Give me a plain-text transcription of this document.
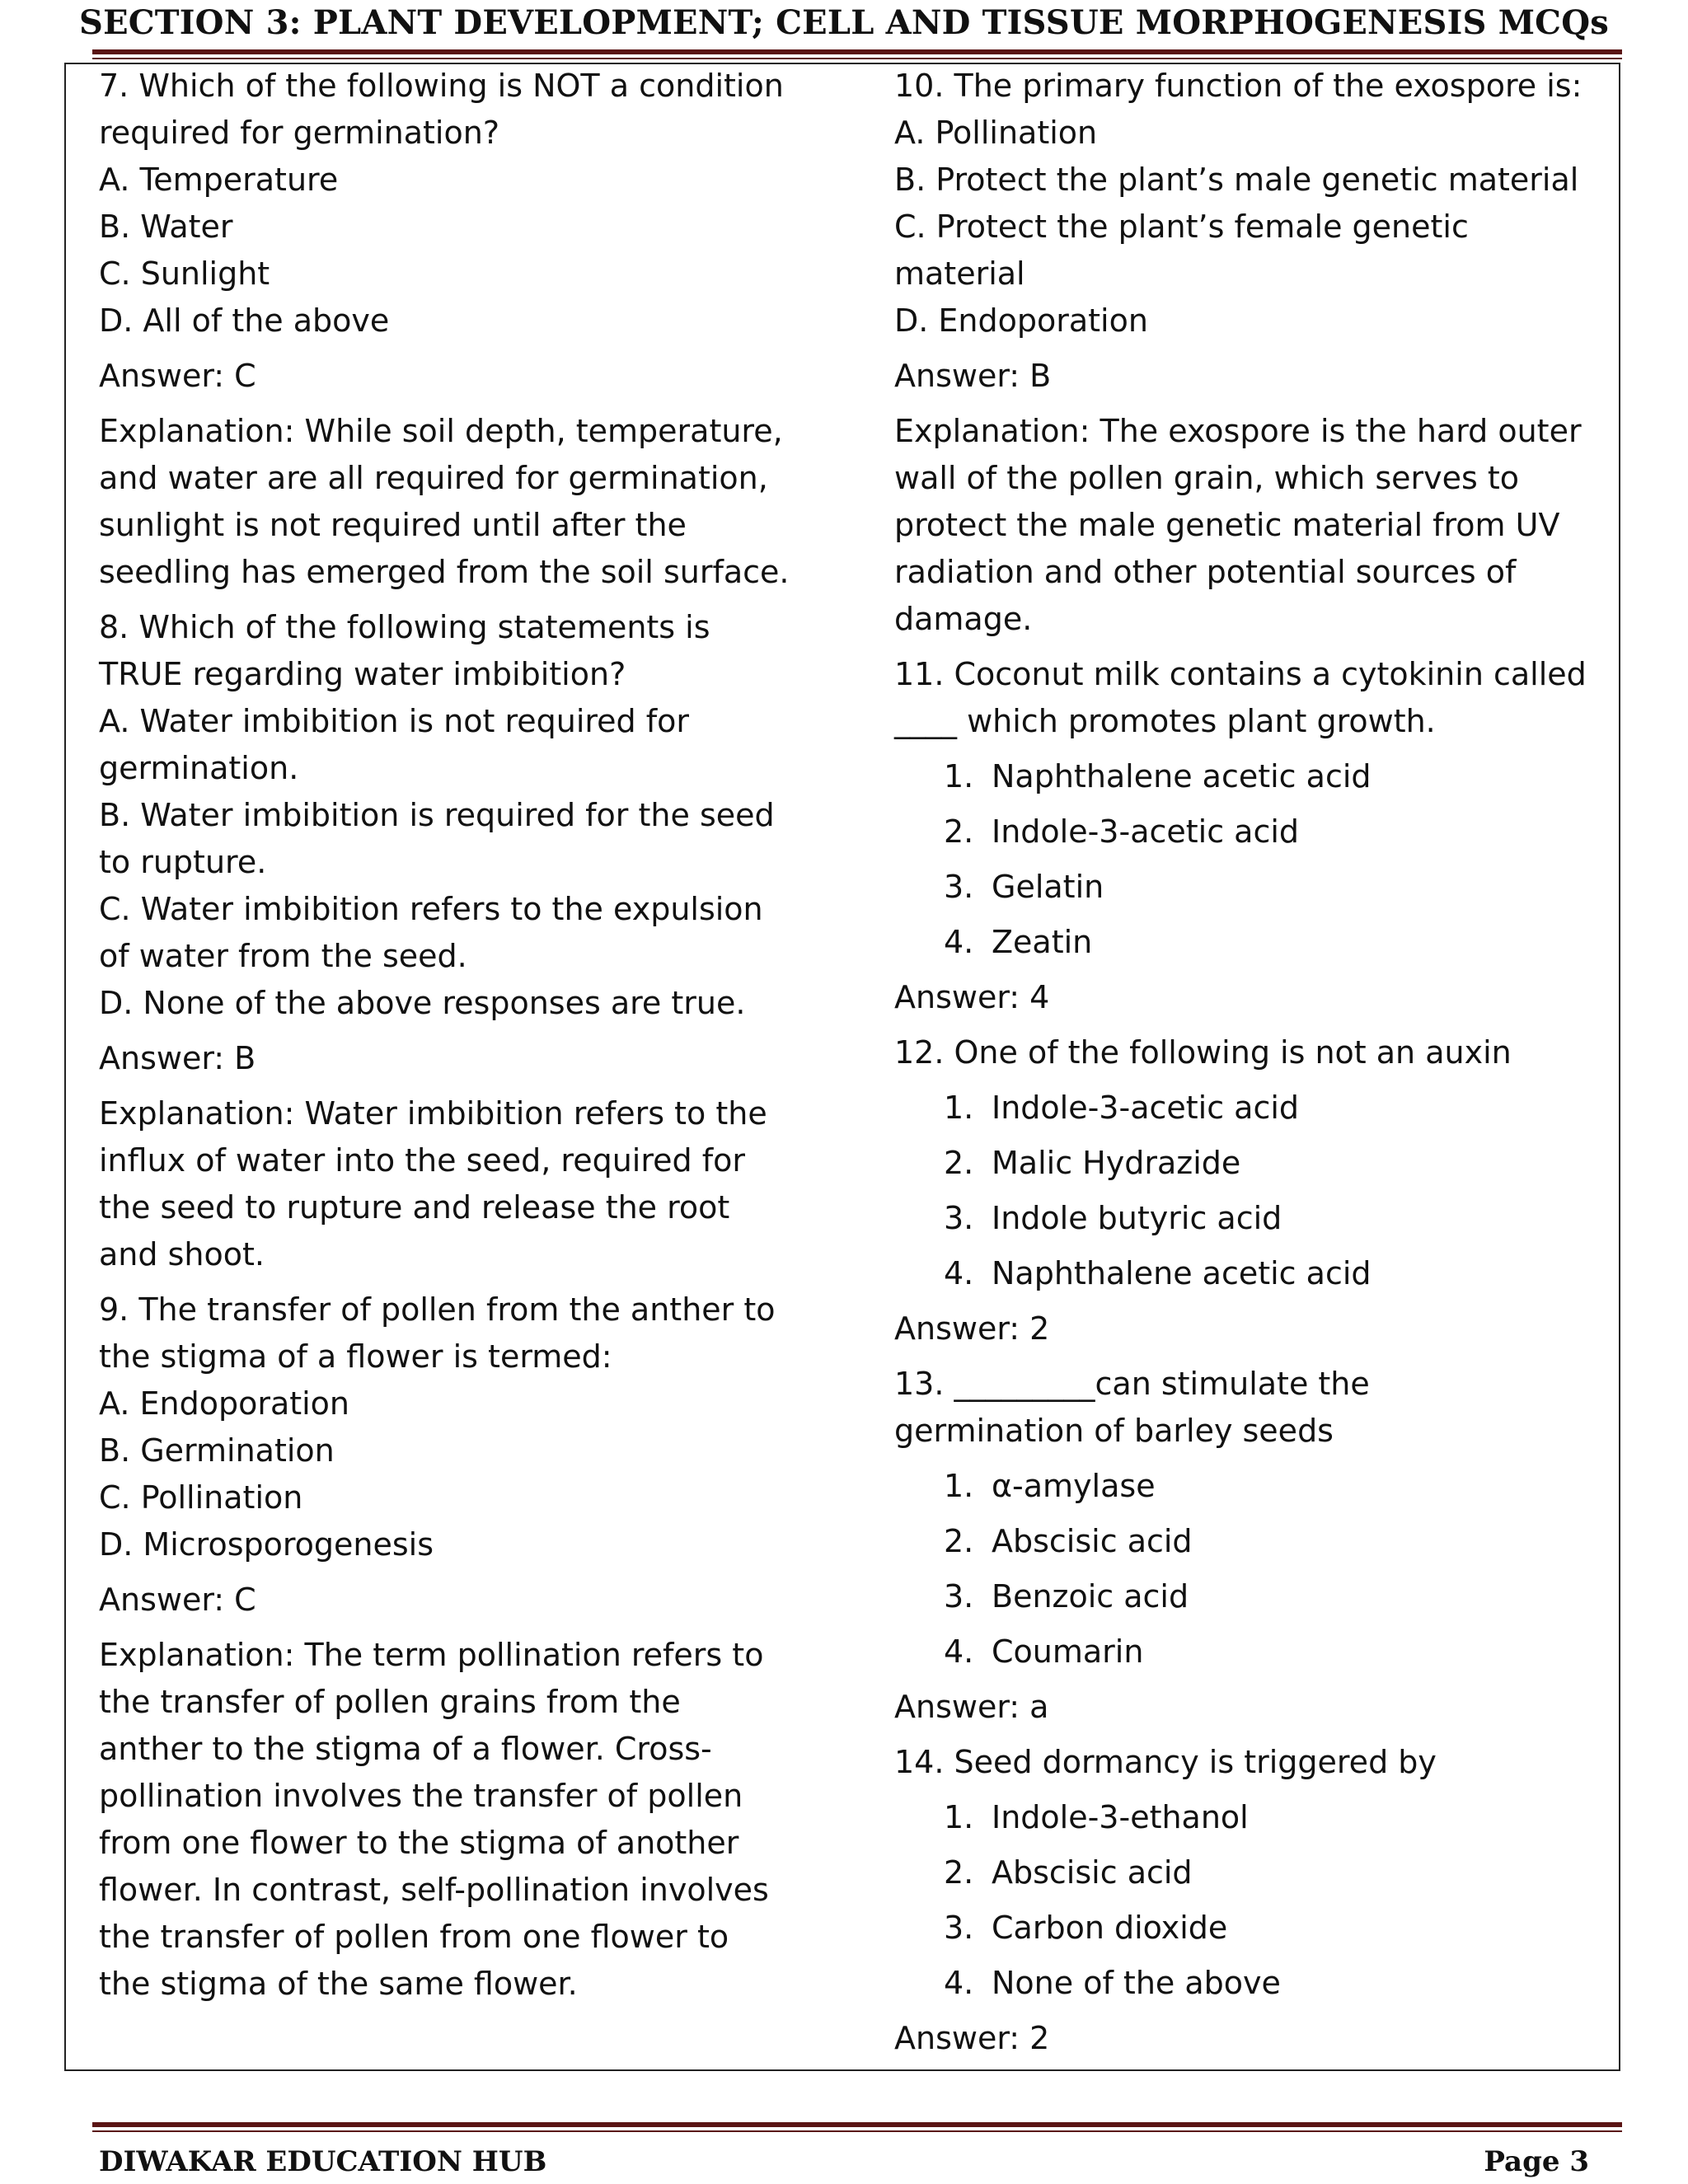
SECTION 3: PLANT DEVELOPMENT; CELL AND TISSUE MORPHOGENESIS MCQs
7. Which of the following is NOT a condition
required for germination?
A. Temperature
B. Water
C. Sunlight
D. All of the above
Answer: C
Explanation: While soil depth, temperature,
and water are all required for germination,
sunlight is not required until after the
seedling has emerged from the soil surface.
8. Which of the following statements is
TRUE regarding water imbibition?
A. Water imbibition is not required for
germination.
B. Water imbibition is required for the seed
to rupture.
C. Water imbibition refers to the expulsion
of water from the seed.
D. None of the above responses are true.
Answer: B
Explanation: Water imbibition refers to the
influx of water into the seed, required for
the seed to rupture and release the root
and shoot.
9. The transfer of pollen from the anther to
the stigma of a flower is termed:
A. Endoporation
B. Germination
C. Pollination
D. Microsporogenesis
Answer: C
Explanation: The term pollination refers to
the transfer of pollen grains from the
anther to the stigma of a flower. Cross-
pollination involves the transfer of pollen
from one flower to the stigma of another
flower. In contrast, self-pollination involves
the transfer of pollen from one flower to
the stigma of the same flower.
10. The primary function of the exospore is:
A. Pollination
B. Protect the plant’s male genetic material
C. Protect the plant’s female genetic
material
D. Endoporation
Answer: B
Explanation: The exospore is the hard outer
wall of the pollen grain, which serves to
protect the male genetic material from UV
radiation and other potential sources of
damage.
11. Coconut milk contains a cytokinin called
____ which promotes plant growth.
1. Naphthalene acetic acid
2. Indole-3-acetic acid
3. Gelatin
4. Zeatin
Answer: 4
12. One of the following is not an auxin
1. Indole-3-acetic acid
2. Malic Hydrazide
3. Indole butyric acid
4. Naphthalene acetic acid
Answer: 2
13. _________can stimulate the
germination of barley seeds
1. α-amylase
2. Abscisic acid
3. Benzoic acid
4. Coumarin
Answer: a
14. Seed dormancy is triggered by
1. Indole-3-ethanol
2. Abscisic acid
3. Carbon dioxide
4. None of the above
Answer: 2
DIWAKAR EDUCATION HUB	Page 3
